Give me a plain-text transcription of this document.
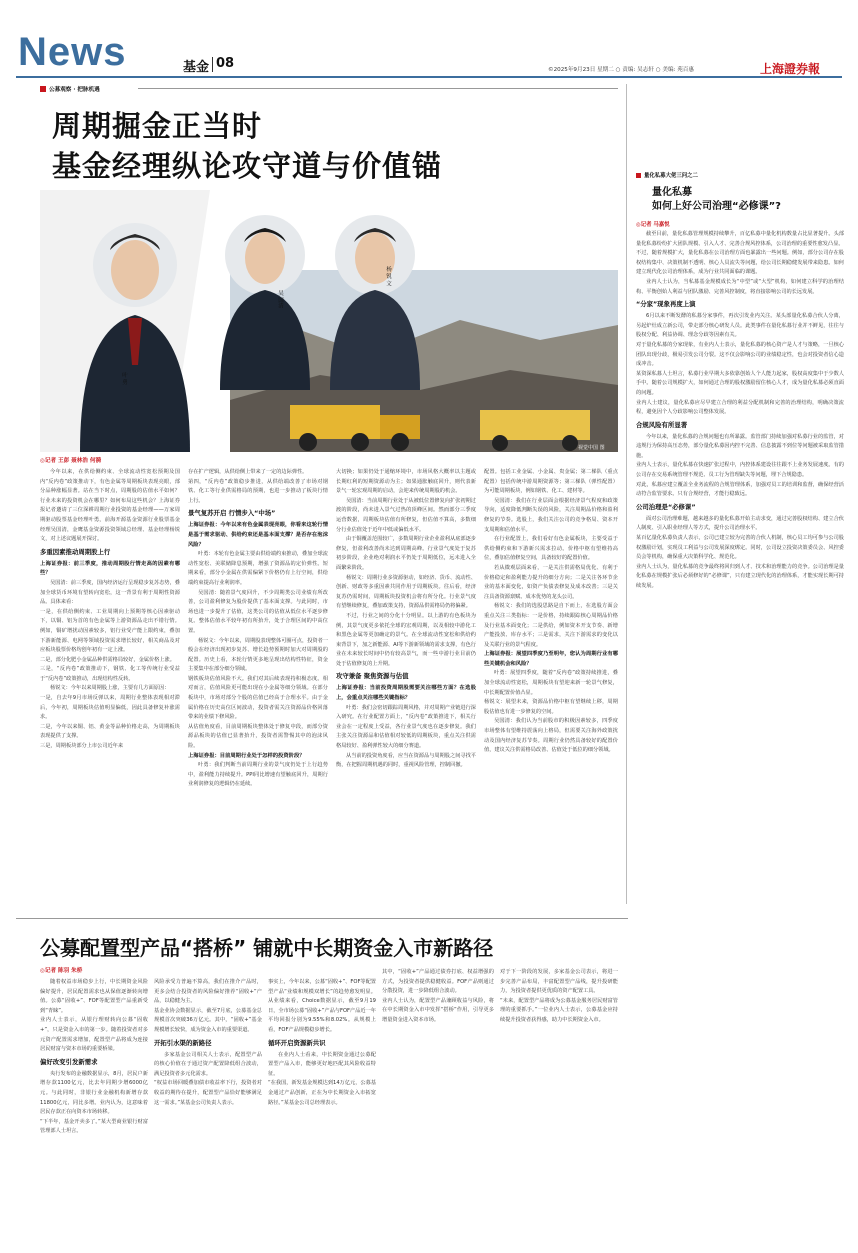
News	基金 08	©2025年9月23日 星期二 ○ 责编: 吴志轩 ○ 美编: 苑百惠	上海證券報
公募观察 · 把脉机遇
周期掘金正当时
基金经理纵论攻守道与价值锚
叶 勇
吴 国清
杨 锐 文
视觉中国 图
◎记者 王彭 聂林浩 何漪
今年以来，在供给侧约束、全球流动性宽松预期及国内“反内卷”政策推动下，有色金属等周期板块表现亮眼，部分品种涨幅显著。站在当下时点，周期股的估值水平如何？行业未来的投资机会在哪里？如何布局这些机会？上海证券报记者邀请了三位深耕周期行业投资的基金经理——万家周期驱动股票基金经理叶勇，前海开源基金资源行业股票基金经理吴国清，金鹰基金资源投资领域总经理、基金经理杨锐文，对上述议题展开探讨。
多重因素推动周期股上行
上海证券报：前三季度，推动周期股行情走高的因素有哪些？
吴国清：前三季度，国内经济运行呈现稳步复苏态势，叠加全球货币环境有望转向宽松，这一背景有利于周期性资源品。具体来看：
一是，在供给侧约束、工业周期向上预期等核心因素驱动下，以铜、铝为首的有色金属等上游资源品走出不错行情。例如，铜矿增扰动因素较多，铝行业受产能上限约束，叠加下游新能源、电网等领域投资需求增长较好，相关商品及对应板块股票价格均创年初有一定上涨。
二是，部分化肥小金属品种供需格局较好，金属价格上涨。
三是，“反内卷”政策推动下，钢铁、化工等传统行业受益于“反内卷”政策推动，出现结构性反转。
杨锐文：今年以来周期股上涨，主要有几方面原因：
一是，自去年9月市场反弹以来，周期行业整体表现相对滞后，今年初，周期板块估值明显偏低，因此具备修复补涨需求。
二是，今年以来铜、铝、黄金等品种价格走高，为周期板块表现提供了支撑。
三是，周期板块部分上市公司近年来
存在扩产逻辑，从供给侧上带来了一定的边际弹性。
第四，“反内卷”政策稳步推进，从供给端改善了市场对钢铁、化工等行业供需格局的预期，也进一步推动了板块行情上行。
景气复苏开启 行情步入“中场”
上海证券报：今年以来有色金属表现亮眼，你看来这轮行情是基于需求驱动、供给约束还是基本面支撑？是否存在泡沫风险？
叶勇：本轮有色金属主要由供给端约束推动，叠加全球流动性宽松、美联储降息预期，增强了资源品的定价弹性。短期来看，部分小金属在供需偏紧下价格仍有上行空间，供给端约束提高行业利润率。
吴国清：随着景气度回升，不少周期类公司业绩有所改善，公司盈利修复为股价提供了基本面支撑。与此同时，市场也进一步提升了估值，这类公司的估值从低位水平逐步修复。整体估值水平较年初有所抬升，处于合理区间的中高位置。
杨锐文：今年以来，周期股表现整体可圈可点，投资者一般会在经济出现初步复苏、增长趋势预期时加大对周期股的配置。历史上看，本轮行情更多地呈现出结构性特征，资金主要集中在部分细分领域。
钢铁板块估值风险不大。我们对其后续表现持积极态度。相对而言，估值风险更可能出现在小金属等细分领域。在部分板块中，市场对部分个股的估值已经高于合理水平。由于金属价格在历史高位区间波动，投资者需关注资源品价格回落带来的业绩下修风险。
从估值角度看，目前周期板块整体处于修复中段，而部分资源品板块的估值已显著抬升，投资者需警惕其中的泡沫风险。
上海证券报：目前周期行业处于怎样的投资阶段？
叶勇：我们判断当前周期行业的景气度仍处于上行趋势中，盈利能力持续提升。PPI同比增速有望触底回升，周期行业利润修复的逻辑仍在延续。
大切换；如果仍处于通缩环境中，市场风格大概率以主题或长期红利的短期资源动为主；如果通胀触底回升，则代表新景气一轮宏观周期的启动，会迎来传统周期股的机会。
吴国清：当前周期行业处于从被低位置修复向扩张初期过渡的阶段，尚未进入景气过热的顶峰区间。然而部分三季度运营数据，周期板块估值有所修复，但估值不算高，多数细分行业估值处于近年中低或偏低水平。
由于铜覆盖范围较广，多数周期行业企业盈利从底部逐步修复，但盈利改善尚未达到周期高峰。行业景气度处于复苏初步阶段，企业绝对利润水平仍处于周期低位，远未进入全面繁荣阶段。
杨锐文：周期行业多资源驱动，如经济、货币、流动性、创新、财政等多重因素共同作用于周期板块。往后看，经济复苏仍需时间，周期板块投资机会将有所分化。行业景气度有望继续修复，叠加政策支持，资源品供需格局仍将偏紧。
不过，行业之间的分化十分明显。以上游的有色板块为例，其景气度更多依托全球的宏观周期，以及相较中游化工和黑色金属等更加确定的景气。在全球流动性宽松和供给约束背景下，加之新能源、AI等下游新领域的需求支撑，有色行业在未来较长时间中仍有较高景气，而一些中游行业目前仍处于估值修复的上升期。
攻守兼备 聚焦资源与估值
上海证券报：当前投资周期股需要关注哪些方面？在选股上，会重点关注哪些关键指标？
叶勇：我们会密切跟踪周期风格，并对周期产业链进行深入研究。在行业配置方面上，“反内卷”政策推进下，相关行业会在一定程度上受益，各行业景气度也在逐步修复。我们主张关注资源品和估值相对较低的周期板块，重点关注供需格局较好、盈利弹性较大的细分赛道。
从当前的投资角度看，应当在资源品与周期股之间寻找平衡，在把握周期机遇的同时，重视风险管理，控制回撤。
配置。包括工业金属、小金属、贵金属；第二梯队（重点配置）包括传统中游周期资源等；第三梯队（弹性配置）为可能周期板块，例如钢铁、化工、建材等。
吴国清：我们在行业层面会根据经济景气程度和政策导向，适度降低判断失误的风险，关注周期品价格和盈利修复的节奏。选股上，我们关注公司的竞争格局、资本开支周期和估值水平。
在行业配置上，我们看好有色金属板块，主要受益于供给侧约束和下游新兴需求拉动。价格中枢有望维持高位，叠加估值修复空间，具备较好的配置价值。
若从微观层面来看，一是关注供需格局优化、有利于价格稳定和盈利能力提升的细分方向；二是关注各环节企业的基本面变化，如资产负债表修复及成本改善；三是关注具备资源禀赋、成本优势的龙头公司。
杨锐文：我们的选股思路是自下而上，在选股方面会重点关注三类指标：一是价格，持续跟踪核心周期品价格及行业基本面变化；二是供给，例如资本开支节奏、新增产能投放、库存水平；三是需求，关注下游需求的变化以及关联行业的景气程度。
上海证券报：展望四季度乃至明年，您认为周期行业有哪些关键机会和风险？
叶勇：展望四季度，随着“反内卷”政策持续推进，叠加全球流动性宽松，周期板块有望迎来新一轮景气修复，中长期配置价值凸显。
杨锐文：展望未来，资源品价格中枢有望继续上移，周期股估值也有进一步修复的空间。
吴国清：我们认为当前股市的积极因素较多，四季度市场整体有望维持震荡向上格局，但需要关注海外政策扰动及国内经济复苏节奏。周期行业仍然具备较好的配置价值，建议关注供需格局改善、估值处于低位的细分领域。
量化私募大佬三问之二
量化私募
如何上好公司治理“必修课”?
◎记者 马嘉悦
截至目前，量化私募管理规模持续攀升，百亿私募中量化机构数量占比显著提升。头部量化私募纷纷扩大团队规模、引入人才、完善合规风控体系，公司治理的重要性愈发凸显。
不过，随着规模扩大，量化私募在公司治理方面也暴露出一些问题。例如，部分公司存在股权结构集中、决策机制不透明、核心人员流失等问题，给公司长期稳健发展带来隐患。如何建立现代化公司治理体系，成为行业共同面临的课题。
业内人士认为，当私募基金规模成长为“中型”或“大型”机构，如何建立科学的治理结构、平衡创始人利益与团队激励、完善风控制度，将直接影响公司的长远发展。
“分家”现象再度上演
6月以来不断发酵的私募分家事件，再次引发业内关注。某头部量化私募合伙人分离，另起炉灶成立新公司，带走部分核心研发人员。此类事件在量化私募行业并不鲜见，往往与股权分配、利益协调、理念分歧等因素有关。
对于量化私募的分家现象，有业内人士表示，量化私募的核心资产是人才与策略，一旦核心团队出现分歧，极易引发公司分裂。这不仅会影响公司的业绩稳定性，也会对投资者信心造成冲击。
某资深私募人士坦言，私募行业早期大多依靠创始人个人能力起家，股权高度集中于少数人手中。随着公司规模扩大，如何通过合理的股权激励留住核心人才，成为量化私募必须直面的问题。
业内人士建议，量化私募应尽早建立合理的利益分配机制和完善的治理结构，明确决策流程，避免因个人分歧影响公司整体发展。
合规风险有所显著
今年以来，量化私募的合规问题也有所暴露。监管部门持续加强对私募行业的监管，对违规行为保持高压态势，部分量化私募因内控不完善、信息披露不到位等问题被采取监管措施。
业内人士表示，量化私募在快速扩张过程中，内控体系建设往往跟不上业务发展速度。有的公司存在交易系统管理不规范、员工行为管理缺失等问题，埋下合规隐患。
对此，私募应建立覆盖全业务流程的合规管理体系，加强对员工的培训和监督，确保经营活动符合监管要求。只有合规经营，才能行稳致远。
公司治理是“必修课”
面对公司治理难题，越来越多的量化私募开始主动求变，通过完善股权结构、建立合伙人制度、引入职业经理人等方式，提升公司治理水平。
某百亿量化私募负责人表示，公司已建立较为完善的合伙人机制，核心员工均可参与公司股权激励计划，实现员工利益与公司发展深度绑定。同时，公司设立投资决策委员会、风控委员会等机构，确保重大决策科学化、规范化。
业内人士认为，量化私募的竞争最终将回归到人才、技术和治理能力的竞争。公司治理是量化私募在规模扩张后必须修好的“必修课”，只有建立现代化的治理体系，才能实现长期可持续发展。
公募配置型产品“搭桥” 铺就中长期资金入市新路径
◎记者 陈羽 朱桥
随着权益市场稳步上行，中长期资金风险偏好提升，居民配置需求也从保值逐渐转向增值。公募“固收+”、FOF等配置型产品重新受到“青睐”。
业内人士表示，从银行理财转向公募“固收+”，只是资金入市的第一步。随着投资者对多元资产配置需求增加，配置型产品将成为连接居民财富与资本市场的重要桥梁。
偏好改变引发新需求
央行发布的金融数据显示，8月，居民户新增存款1100亿元，比去年同期少增6000亿元。与此同时，非银行业金融机构新增存款11800亿元，同比多增。业内认为，这意味着居民存款正在向资本市场转移。
“下半年，基金开卖多了。”某大型商业银行财富管理部人士坦言。
风险承受力普遍不算高，我们在推介产品时，更多会结合投资者的风险偏好推荐“固收+”产品，以稳健为主。
基金业协会数据显示，截至7月底，公募基金总规模首次突破36万亿元。其中，“固收+”基金规模增长较快，成为资金入市的重要渠道。
开拓引水渠的新路径
多家基金公司相关人士表示，配置型产品的核心价值在于通过资产配置降低组合波动，满足投资者多元化需求。
“权益市场回暖叠加债市收益率下行，投资者对收益的期待在提升，配置型产品恰好能够满足这一需求。”某基金公司负责人表示。
事实上，今年以来，公募“固收+”、FOF等配置型产品“业绩和规模双增长”的趋势愈发明显。从业绩来看，Choice数据显示，截至9月19日，全市场公募“固收+”产品与FOF产品近一年平均回报分别为9.55%和8.02%。从规模上看，FOF产品规模稳步增长。
循环开启资源新共识
在业内人士看来，中长期资金通过公募配置型产品入市，能够更好地匹配其风险收益特征。
“在我国，新发基金规模达到14万亿元，公募基金通过产品创新，正在为中长期资金入市拓宽路径。”某基金公司总经理表示。
其中，“固收+”产品通过债券打底、权益增强的方式，为投资者提供稳健收益。FOF产品则通过分散投资，进一步降低组合波动。
业内人士认为，配置型产品兼顾收益与风险，将在中长期资金入市中发挥“搭桥”作用，引导更多增量资金进入资本市场。
对于下一阶段的发展，多家基金公司表示，将进一步完善产品布局，丰富配置型产品线，提升投研能力，为投资者提供更优质的资产配置工具。
“未来，配置型产品将成为公募基金服务居民财富管理的重要抓手。”一位业内人士表示，公募基金应持续提升投资者获得感，助力中长期资金入市。
